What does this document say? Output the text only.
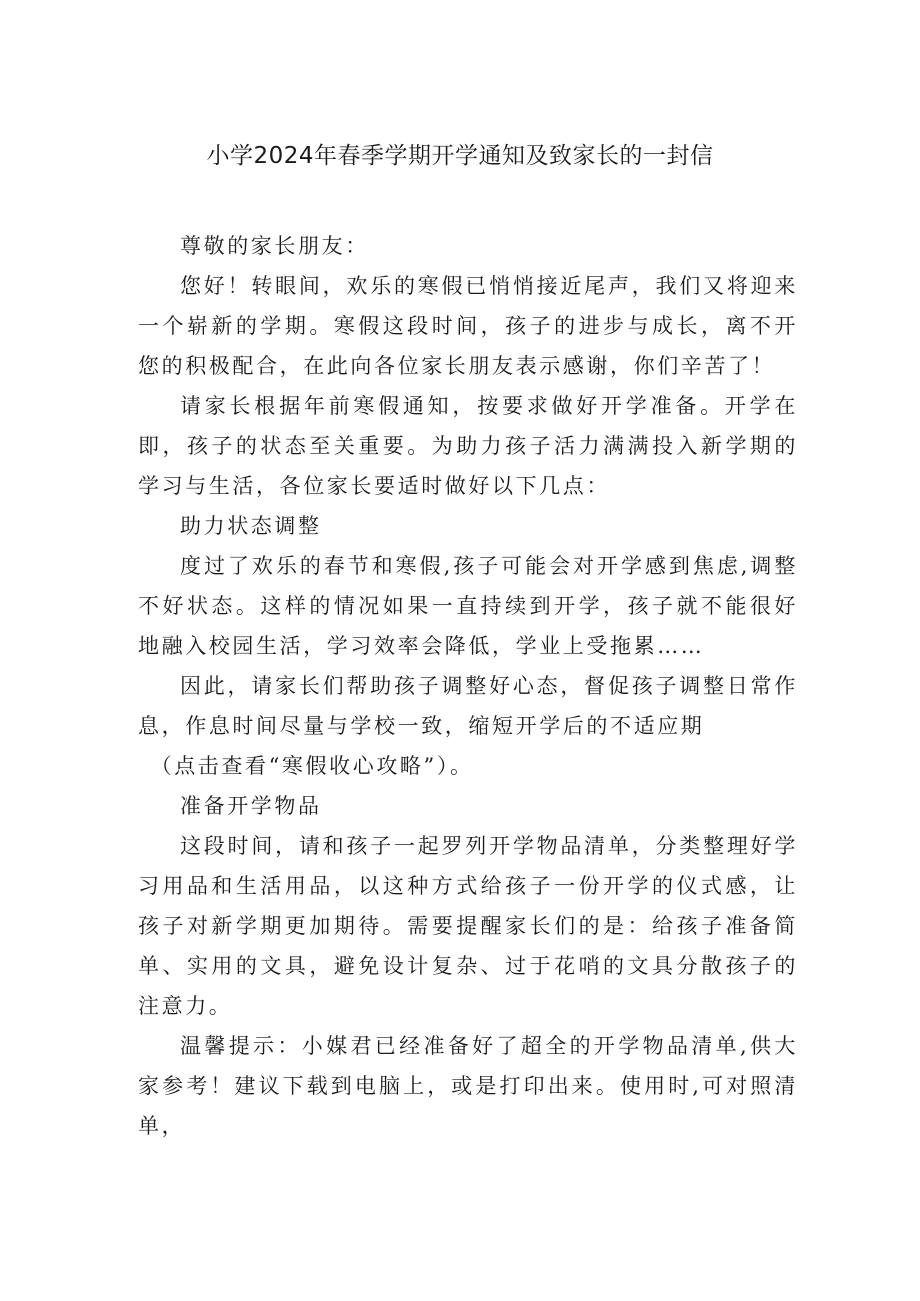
小学2024年春季学期开学通知及致家长的一封信

尊敬的家长朋友：

您好！转眼间，欢乐的寒假已悄悄接近尾声，我们又将迎来一个崭新的学期。寒假这段时间，孩子的进步与成长，离不开您的积极配合，在此向各位家长朋友表示感谢，你们辛苦了！

请家长根据年前寒假通知，按要求做好开学准备。开学在即，孩子的状态至关重要。为助力孩子活力满满投入新学期的学习与生活，各位家长要适时做好以下几点：

助力状态调整

度过了欢乐的春节和寒假,孩子可能会对开学感到焦虑,调整不好状态。这样的情况如果一直持续到开学，孩子就不能很好地融入校园生活，学习效率会降低，学业上受拖累……

因此，请家长们帮助孩子调整好心态，督促孩子调整日常作息，作息时间尽量与学校一致，缩短开学后的不适应期

（点击查看“寒假收心攻略”）。

准备开学物品

这段时间，请和孩子一起罗列开学物品清单，分类整理好学习用品和生活用品，以这种方式给孩子一份开学的仪式感，让孩子对新学期更加期待。需要提醒家长们的是：给孩子准备简单、实用的文具，避免设计复杂、过于花哨的文具分散孩子的注意力。

温馨提示：小媒君已经准备好了超全的开学物品清单,供大家参考！建议下载到电脑上，或是打印出来。使用时,可对照清单，
